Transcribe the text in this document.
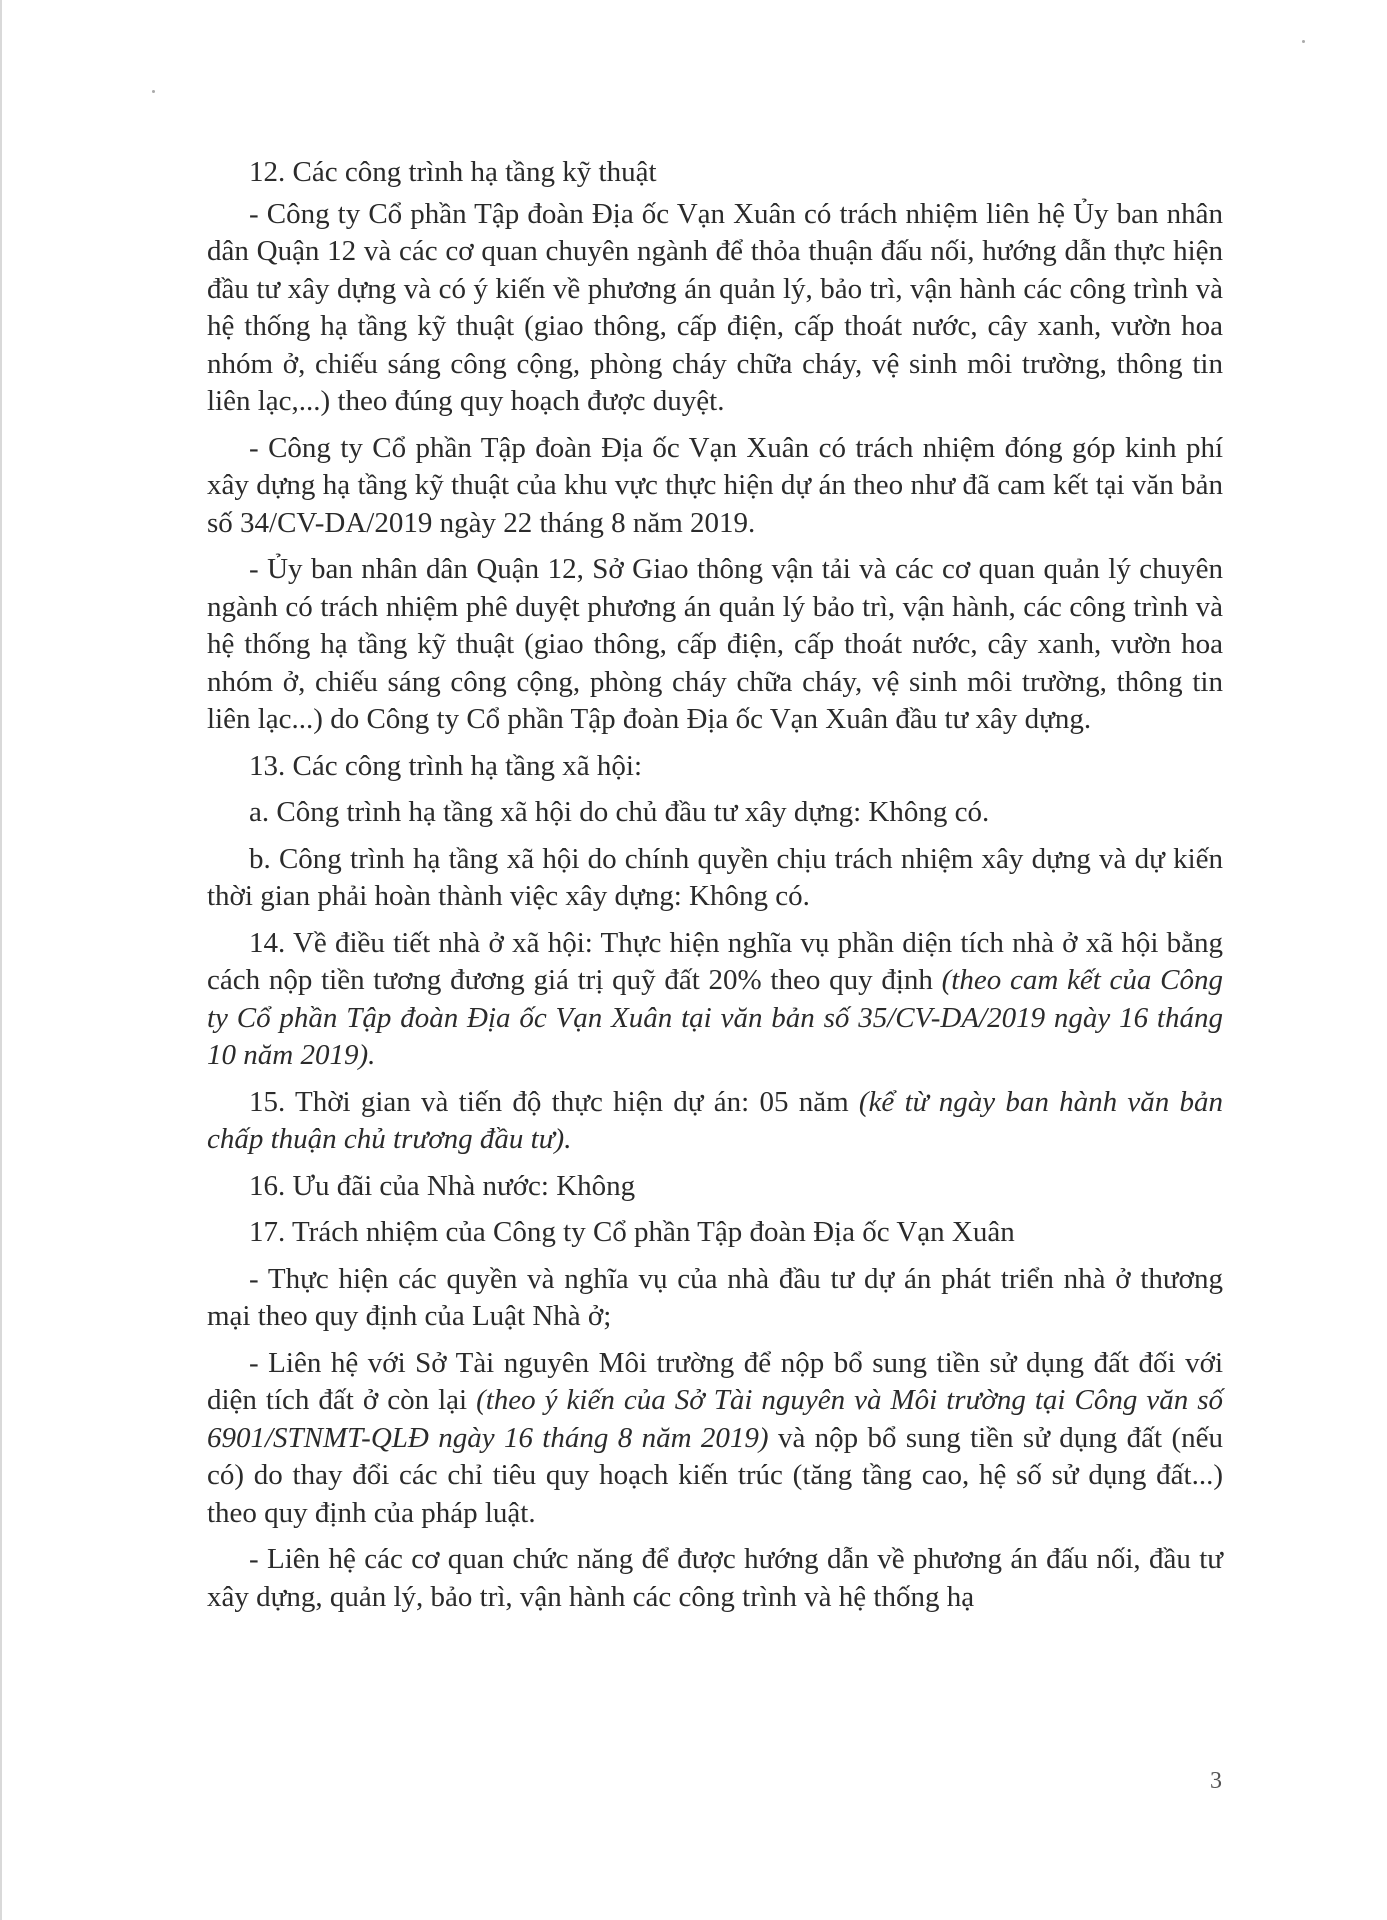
12. Các công trình hạ tầng kỹ thuật

- Công ty Cổ phần Tập đoàn Địa ốc Vạn Xuân có trách nhiệm liên hệ Ủy ban nhân dân Quận 12 và các cơ quan chuyên ngành để thỏa thuận đấu nối, hướng dẫn thực hiện đầu tư xây dựng và có ý kiến về phương án quản lý, bảo trì, vận hành các công trình và hệ thống hạ tầng kỹ thuật (giao thông, cấp điện, cấp thoát nước, cây xanh, vườn hoa nhóm ở, chiếu sáng công cộng, phòng cháy chữa cháy, vệ sinh môi trường, thông tin liên lạc,...) theo đúng quy hoạch được duyệt.

- Công ty Cổ phần Tập đoàn Địa ốc Vạn Xuân có trách nhiệm đóng góp kinh phí xây dựng hạ tầng kỹ thuật của khu vực thực hiện dự án theo như đã cam kết tại văn bản số 34/CV-DA/2019 ngày 22 tháng 8 năm 2019.

- Ủy ban nhân dân Quận 12, Sở Giao thông vận tải và các cơ quan quản lý chuyên ngành có trách nhiệm phê duyệt phương án quản lý bảo trì, vận hành, các công trình và hệ thống hạ tầng kỹ thuật (giao thông, cấp điện, cấp thoát nước, cây xanh, vườn hoa nhóm ở, chiếu sáng công cộng, phòng cháy chữa cháy, vệ sinh môi trường, thông tin liên lạc...) do Công ty Cổ phần Tập đoàn Địa ốc Vạn Xuân đầu tư xây dựng.

13. Các công trình hạ tầng xã hội:

a. Công trình hạ tầng xã hội do chủ đầu tư xây dựng: Không có.

b. Công trình hạ tầng xã hội do chính quyền chịu trách nhiệm xây dựng và dự kiến thời gian phải hoàn thành việc xây dựng: Không có.

14. Về điều tiết nhà ở xã hội: Thực hiện nghĩa vụ phần diện tích nhà ở xã hội bằng cách nộp tiền tương đương giá trị quỹ đất 20% theo quy định (theo cam kết của Công ty Cổ phần Tập đoàn Địa ốc Vạn Xuân tại văn bản số 35/CV-DA/2019 ngày 16 tháng 10 năm 2019).

15. Thời gian và tiến độ thực hiện dự án: 05 năm (kể từ ngày ban hành văn bản chấp thuận chủ trương đầu tư).

16. Ưu đãi của Nhà nước: Không

17. Trách nhiệm của Công ty Cổ phần Tập đoàn Địa ốc Vạn Xuân

- Thực hiện các quyền và nghĩa vụ của nhà đầu tư dự án phát triển nhà ở thương mại theo quy định của Luật Nhà ở;

- Liên hệ với Sở Tài nguyên Môi trường để nộp bổ sung tiền sử dụng đất đối với diện tích đất ở còn lại (theo ý kiến của Sở Tài nguyên và Môi trường tại Công văn số 6901/STNMT-QLĐ ngày 16 tháng 8 năm 2019) và nộp bổ sung tiền sử dụng đất (nếu có) do thay đổi các chỉ tiêu quy hoạch kiến trúc (tăng tầng cao, hệ số sử dụng đất...) theo quy định của pháp luật.

- Liên hệ các cơ quan chức năng để được hướng dẫn về phương án đấu nối, đầu tư xây dựng, quản lý, bảo trì, vận hành các công trình và hệ thống hạ

3
